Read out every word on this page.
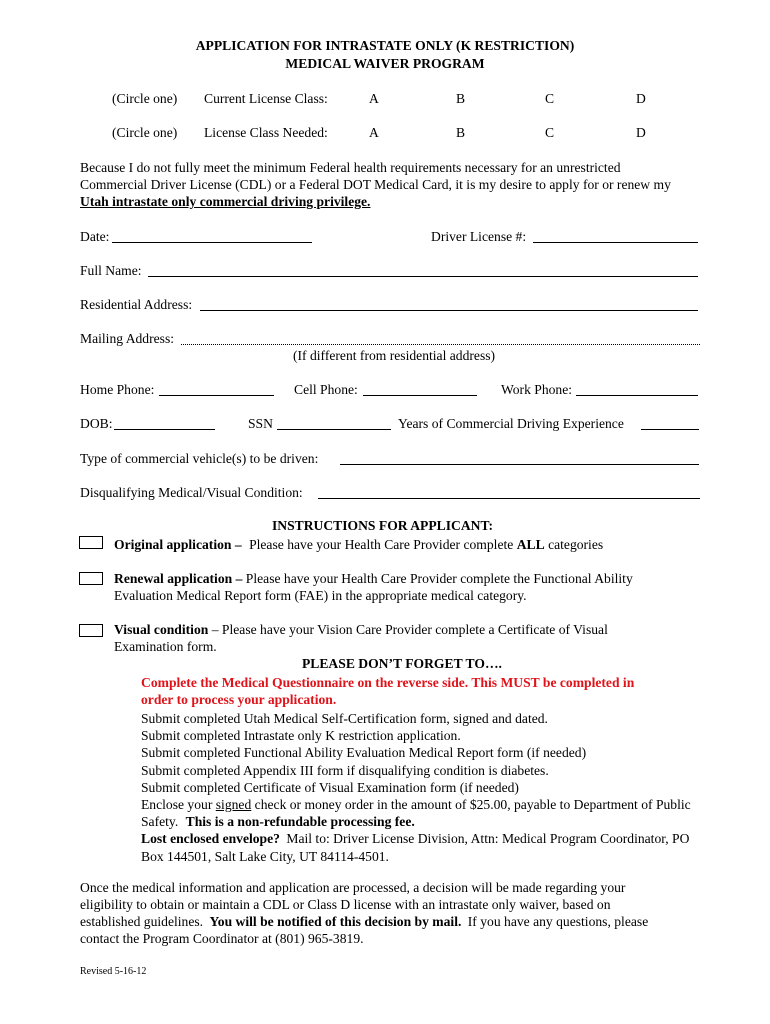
APPLICATION FOR INTRASTATE ONLY (K RESTRICTION)
MEDICAL WAIVER PROGRAM
(Circle one) Current License Class:	A	B	C	D
(Circle one) License Class Needed:	A	B	C	D
Because I do not fully meet the minimum Federal health requirements necessary for an unrestricted
Commercial Driver License (CDL) or a Federal DOT Medical Card, it is my desire to apply for or renew my
Utah intrastate only commercial driving privilege.
Date:	Driver License #:
Full Name:
Residential Address:
Mailing Address:
(If different from residential address)
Home Phone:	Cell Phone:	Work Phone:
DOB:	SSN	Years of Commercial Driving Experience
Type of commercial vehicle(s) to be driven:
Disqualifying Medical/Visual Condition:
INSTRUCTIONS FOR APPLICANT:
Original application – Please have your Health Care Provider complete ALL categories
Renewal application – Please have your Health Care Provider complete the Functional Ability
Evaluation Medical Report form (FAE) in the appropriate medical category.
Visual condition – Please have your Vision Care Provider complete a Certificate of Visual
Examination form.
PLEASE DON’T FORGET TO….
Complete the Medical Questionnaire on the reverse side. This MUST be completed in
order to process your application.
Submit completed Utah Medical Self-Certification form, signed and dated.
Submit completed Intrastate only K restriction application.
Submit completed Functional Ability Evaluation Medical Report form (if needed)
Submit completed Appendix III form if disqualifying condition is diabetes.
Submit completed Certificate of Visual Examination form (if needed)
Enclose your signed check or money order in the amount of $25.00, payable to Department of Public
Safety. This is a non-refundable processing fee.
Lost enclosed envelope? Mail to: Driver License Division, Attn: Medical Program Coordinator, PO
Box 144501, Salt Lake City, UT 84114-4501.
Once the medical information and application are processed, a decision will be made regarding your
eligibility to obtain or maintain a CDL or Class D license with an intrastate only waiver, based on
established guidelines. You will be notified of this decision by mail. If you have any questions, please
contact the Program Coordinator at (801) 965-3819.
Revised 5-16-12
